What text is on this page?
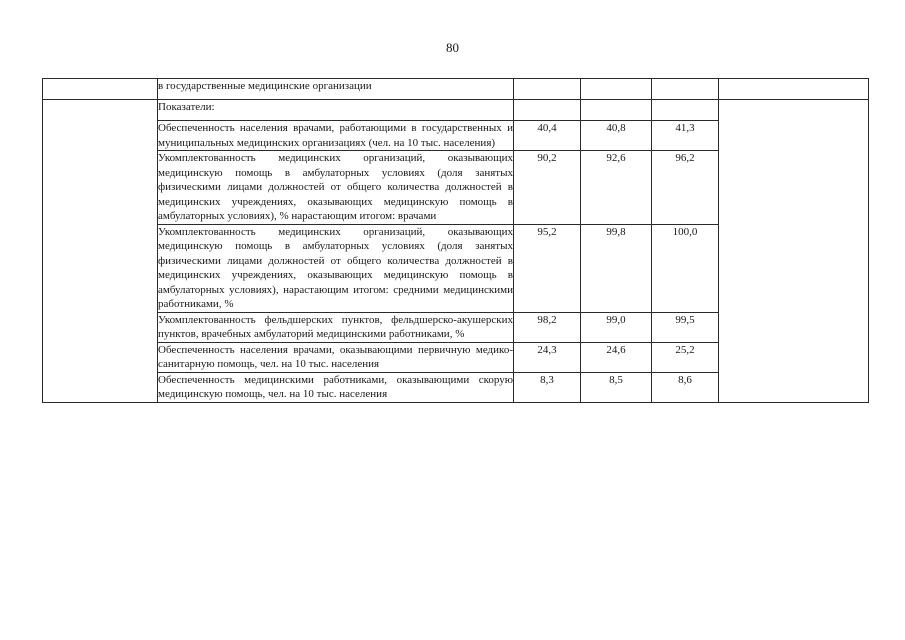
80
	в государственные медицинские организации				
	Показатели:				
	Обеспеченность населения врачами, работающими в государственных и муниципальных медицинских организациях (чел. на 10 тыс. населения)	40,4	40,8	41,3	
	Укомплектованность медицинских организаций, оказывающих медицинскую помощь в амбулаторных условиях (доля занятых физическими лицами должностей от общего количества должностей в медицинских учреждениях, оказывающих медицинскую помощь в амбулаторных условиях), % нарастающим итогом: врачами	90,2	92,6	96,2	
	Укомплектованность медицинских организаций, оказывающих медицинскую помощь в амбулаторных условиях (доля занятых физическими лицами должностей от общего количества должностей в медицинских учреждениях, оказывающих медицинскую помощь в амбулаторных условиях), нарастающим итогом: средними медицинскими работниками, %	95,2	99,8	100,0	
	Укомплектованность фельдшерских пунктов, фельдшерско-акушерских пунктов, врачебных амбулаторий медицинскими работниками, %	98,2	99,0	99,5	
	Обеспеченность населения врачами, оказывающими первичную медико-санитарную помощь, чел. на 10 тыс. населения	24,3	24,6	25,2	
	Обеспеченность медицинскими работниками, оказывающими скорую медицинскую помощь, чел. на 10 тыс. населения	8,3	8,5	8,6	
